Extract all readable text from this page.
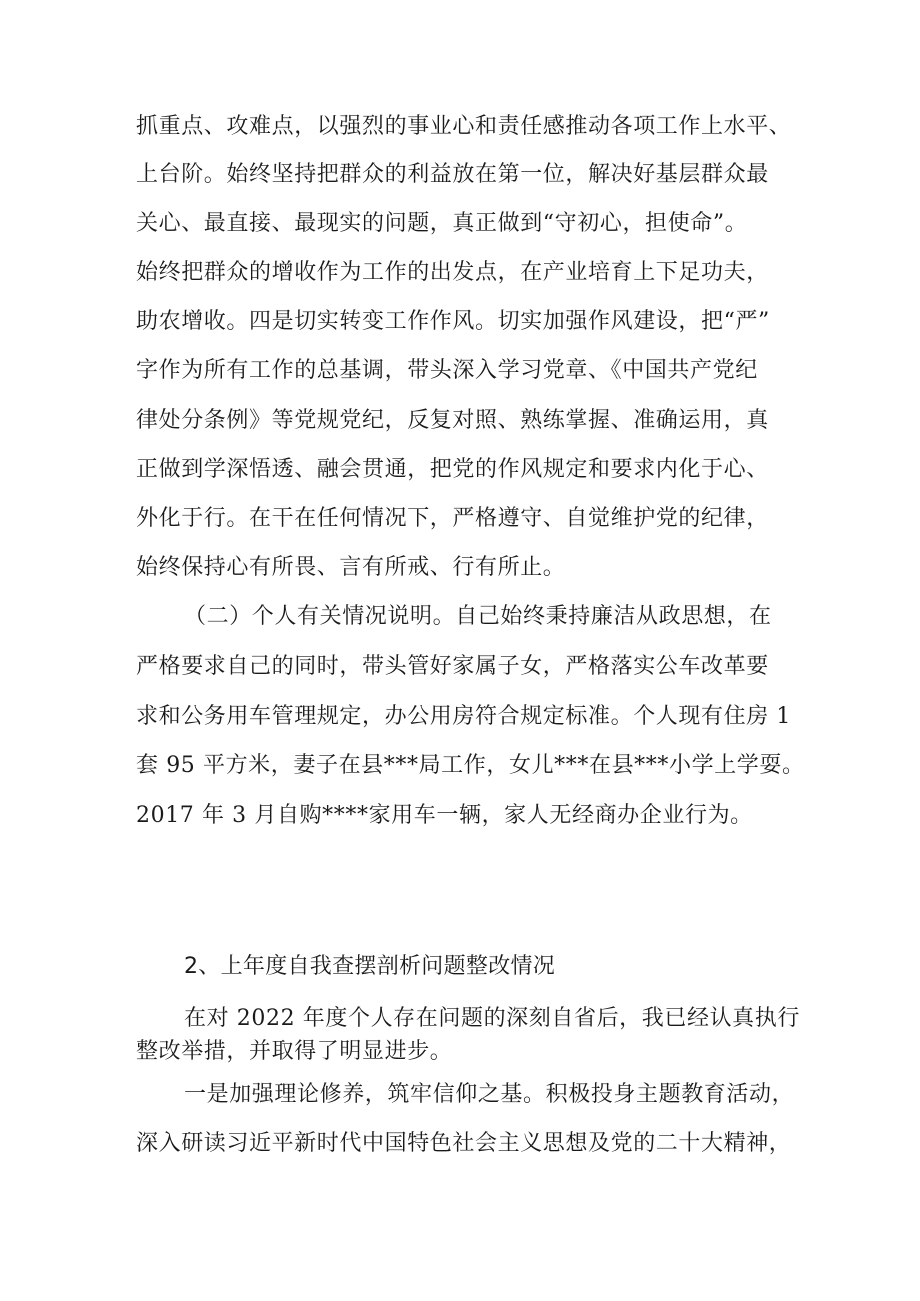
抓重点、攻难点，以强烈的事业心和责任感推动各项工作上水平、
上台阶。始终坚持把群众的利益放在第一位，解决好基层群众最
关心、最直接、最现实的问题，真正做到“守初心，担使命”。
始终把群众的增收作为工作的出发点，在产业培育上下足功夫，
助农增收。四是切实转变工作作风。切实加强作风建设，把“严”
字作为所有工作的总基调，带头深入学习党章、《中国共产党纪
律处分条例》等党规党纪，反复对照、熟练掌握、准确运用，真
正做到学深悟透、融会贯通，把党的作风规定和要求内化于心、
外化于行。在干在任何情况下，严格遵守、自觉维护党的纪律，
始终保持心有所畏、言有所戒、行有所止。
（二）个人有关情况说明。自己始终秉持廉洁从政思想，在
严格要求自己的同时，带头管好家属子女，严格落实公车改革要
求和公务用车管理规定，办公用房符合规定标准。个人现有住房 1
套 95 平方米，妻子在县***局工作，女儿***在县***小学上学耍。
2017 年 3 月自购****家用车一辆，家人无经商办企业行为。
2、上年度自我查摆剖析问题整改情况
在对 2022 年度个人存在问题的深刻自省后，我已经认真执行
整改举措，并取得了明显进步。
一是加强理论修养，筑牢信仰之基。积极投身主题教育活动，
深入研读习近平新时代中国特色社会主义思想及党的二十大精神，
